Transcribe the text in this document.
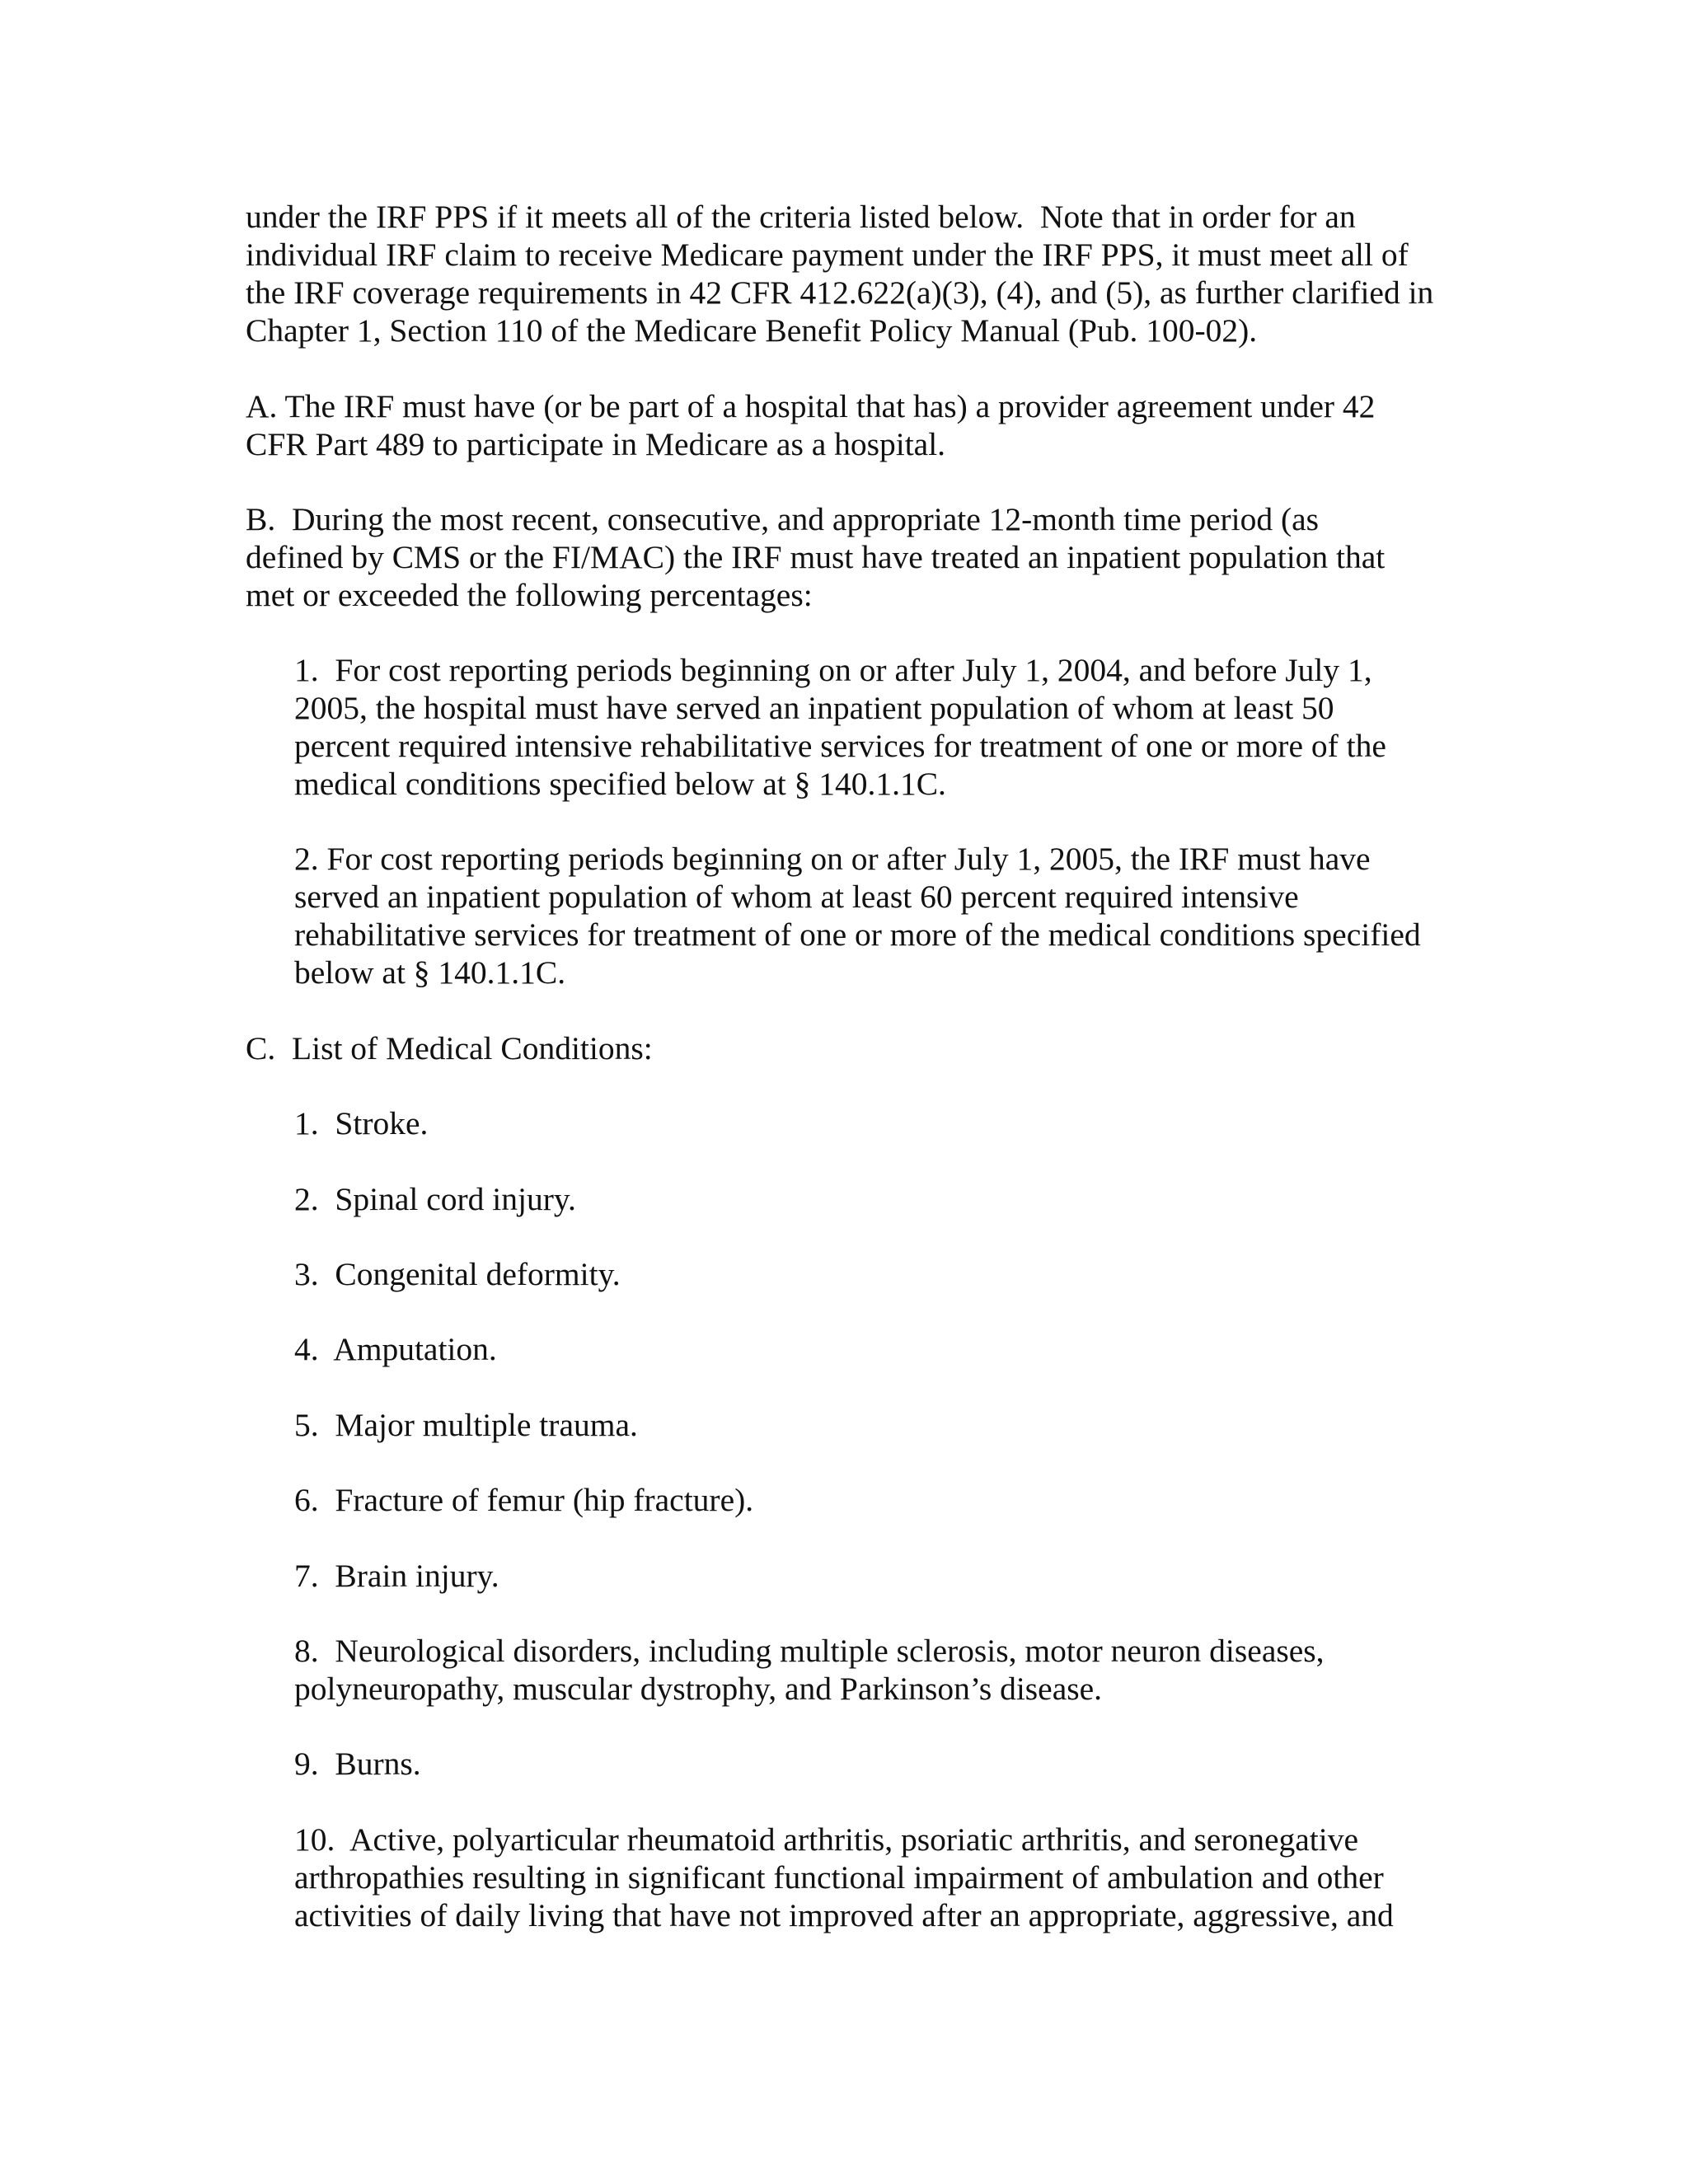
under the IRF PPS if it meets all of the criteria listed below.  Note that in order for an
individual IRF claim to receive Medicare payment under the IRF PPS, it must meet all of
the IRF coverage requirements in 42 CFR 412.622(a)(3), (4), and (5), as further clarified in
Chapter 1, Section 110 of the Medicare Benefit Policy Manual (Pub. 100-02).
A. The IRF must have (or be part of a hospital that has) a provider agreement under 42
CFR Part 489 to participate in Medicare as a hospital.
B.  During the most recent, consecutive, and appropriate 12-month time period (as
defined by CMS or the FI/MAC) the IRF must have treated an inpatient population that
met or exceeded the following percentages:
1.  For cost reporting periods beginning on or after July 1, 2004, and before July 1,
2005, the hospital must have served an inpatient population of whom at least 50
percent required intensive rehabilitative services for treatment of one or more of the
medical conditions specified below at § 140.1.1C.
2. For cost reporting periods beginning on or after July 1, 2005, the IRF must have
served an inpatient population of whom at least 60 percent required intensive
rehabilitative services for treatment of one or more of the medical conditions specified
below at § 140.1.1C.
C.  List of Medical Conditions:
1.  Stroke.
2.  Spinal cord injury.
3.  Congenital deformity.
4.  Amputation.
5.  Major multiple trauma.
6.  Fracture of femur (hip fracture).
7.  Brain injury.
8.  Neurological disorders, including multiple sclerosis, motor neuron diseases,
polyneuropathy, muscular dystrophy, and Parkinson’s disease.
9.  Burns.
10.  Active, polyarticular rheumatoid arthritis, psoriatic arthritis, and seronegative
arthropathies resulting in significant functional impairment of ambulation and other
activities of daily living that have not improved after an appropriate, aggressive, and
